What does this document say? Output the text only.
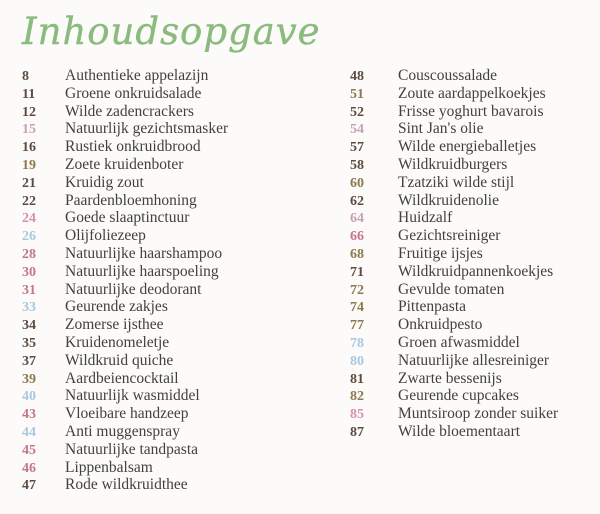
Inhoudsopgave
8	Authentieke appelazijn
11	Groene onkruidsalade
12	Wilde zadencrackers
15	Natuurlijk gezichtsmasker
16	Rustiek onkruidbrood
19	Zoete kruidenboter
21	Kruidig zout
22	Paardenbloemhoning
24	Goede slaaptinctuur
26	Olijfoliezeep
28	Natuurlijke haarshampoo
30	Natuurlijke haarspoeling
31	Natuurlijke deodorant
33	Geurende zakjes
34	Zomerse ijsthee
35	Kruidenomeletje
37	Wildkruid quiche
39	Aardbeiencocktail
40	Natuurlijk wasmiddel
43	Vloeibare handzeep
44	Anti muggenspray
45	Natuurlijke tandpasta
46	Lippenbalsam
47	Rode wildkruidthee
48	Couscoussalade
51	Zoute aardappelkoekjes
52	Frisse yoghurt bavarois
54	Sint Jan's olie
57	Wilde energieballetjes
58	Wildkruidburgers
60	Tzatziki wilde stijl
62	Wildkruidenolie
64	Huidzalf
66	Gezichtsreiniger
68	Fruitige ijsjes
71	Wildkruidpannenkoekjes
72	Gevulde tomaten
74	Pittenpasta
77	Onkruidpesto
78	Groen afwasmiddel
80	Natuurlijke allesreiniger
81	Zwarte bessenijs
82	Geurende cupcakes
85	Muntsiroop zonder suiker
87	Wilde bloementaart
